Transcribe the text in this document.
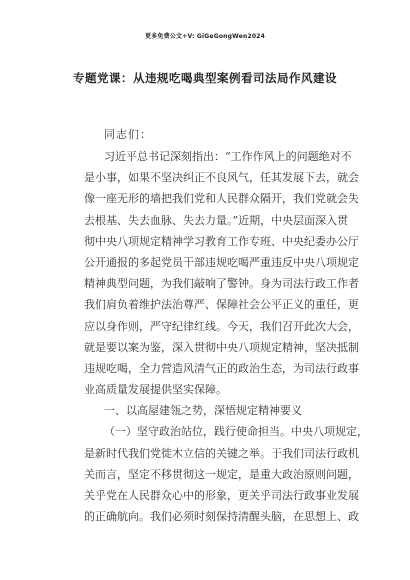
更多免费公文+V: GiGeGongWen2024
专题党课：从违规吃喝典型案例看司法局作风建设
同志们：
习近平总书记深刻指出：“工作作风上的问题绝对不
是小事，如果不坚决纠正不良风气，任其发展下去，就会
像一座无形的墙把我们党和人民群众隔开，我们党就会失
去根基、失去血脉、失去力量。”近期，中央层面深入贯
彻中央八项规定精神学习教育工作专班、中央纪委办公厅
公开通报的多起党员干部违规吃喝严重违反中央八项规定
精神典型问题，为我们敲响了警钟。身为司法行政工作者
我们肩负着维护法治尊严、保障社会公平正义的重任，更
应以身作则，严守纪律红线。今天，我们召开此次大会，
就是要以案为鉴，深入贯彻中央八项规定精神，坚决抵制
违规吃喝，全力营造风清气正的政治生态，为司法行政事
业高质量发展提供坚实保障。
一、以高屋建瓴之势，深悟规定精神要义
（一）坚守政治站位，践行使命担当。中央八项规定，
是新时代我们党徙木立信的关键之举。于我们司法行政机
关而言，坚定不移贯彻这一规定，是重大政治原则问题，
关乎党在人民群众心中的形象，更关乎司法行政事业发展
的正确航向。我们必须时刻保持清醒头脑，在思想上、政
